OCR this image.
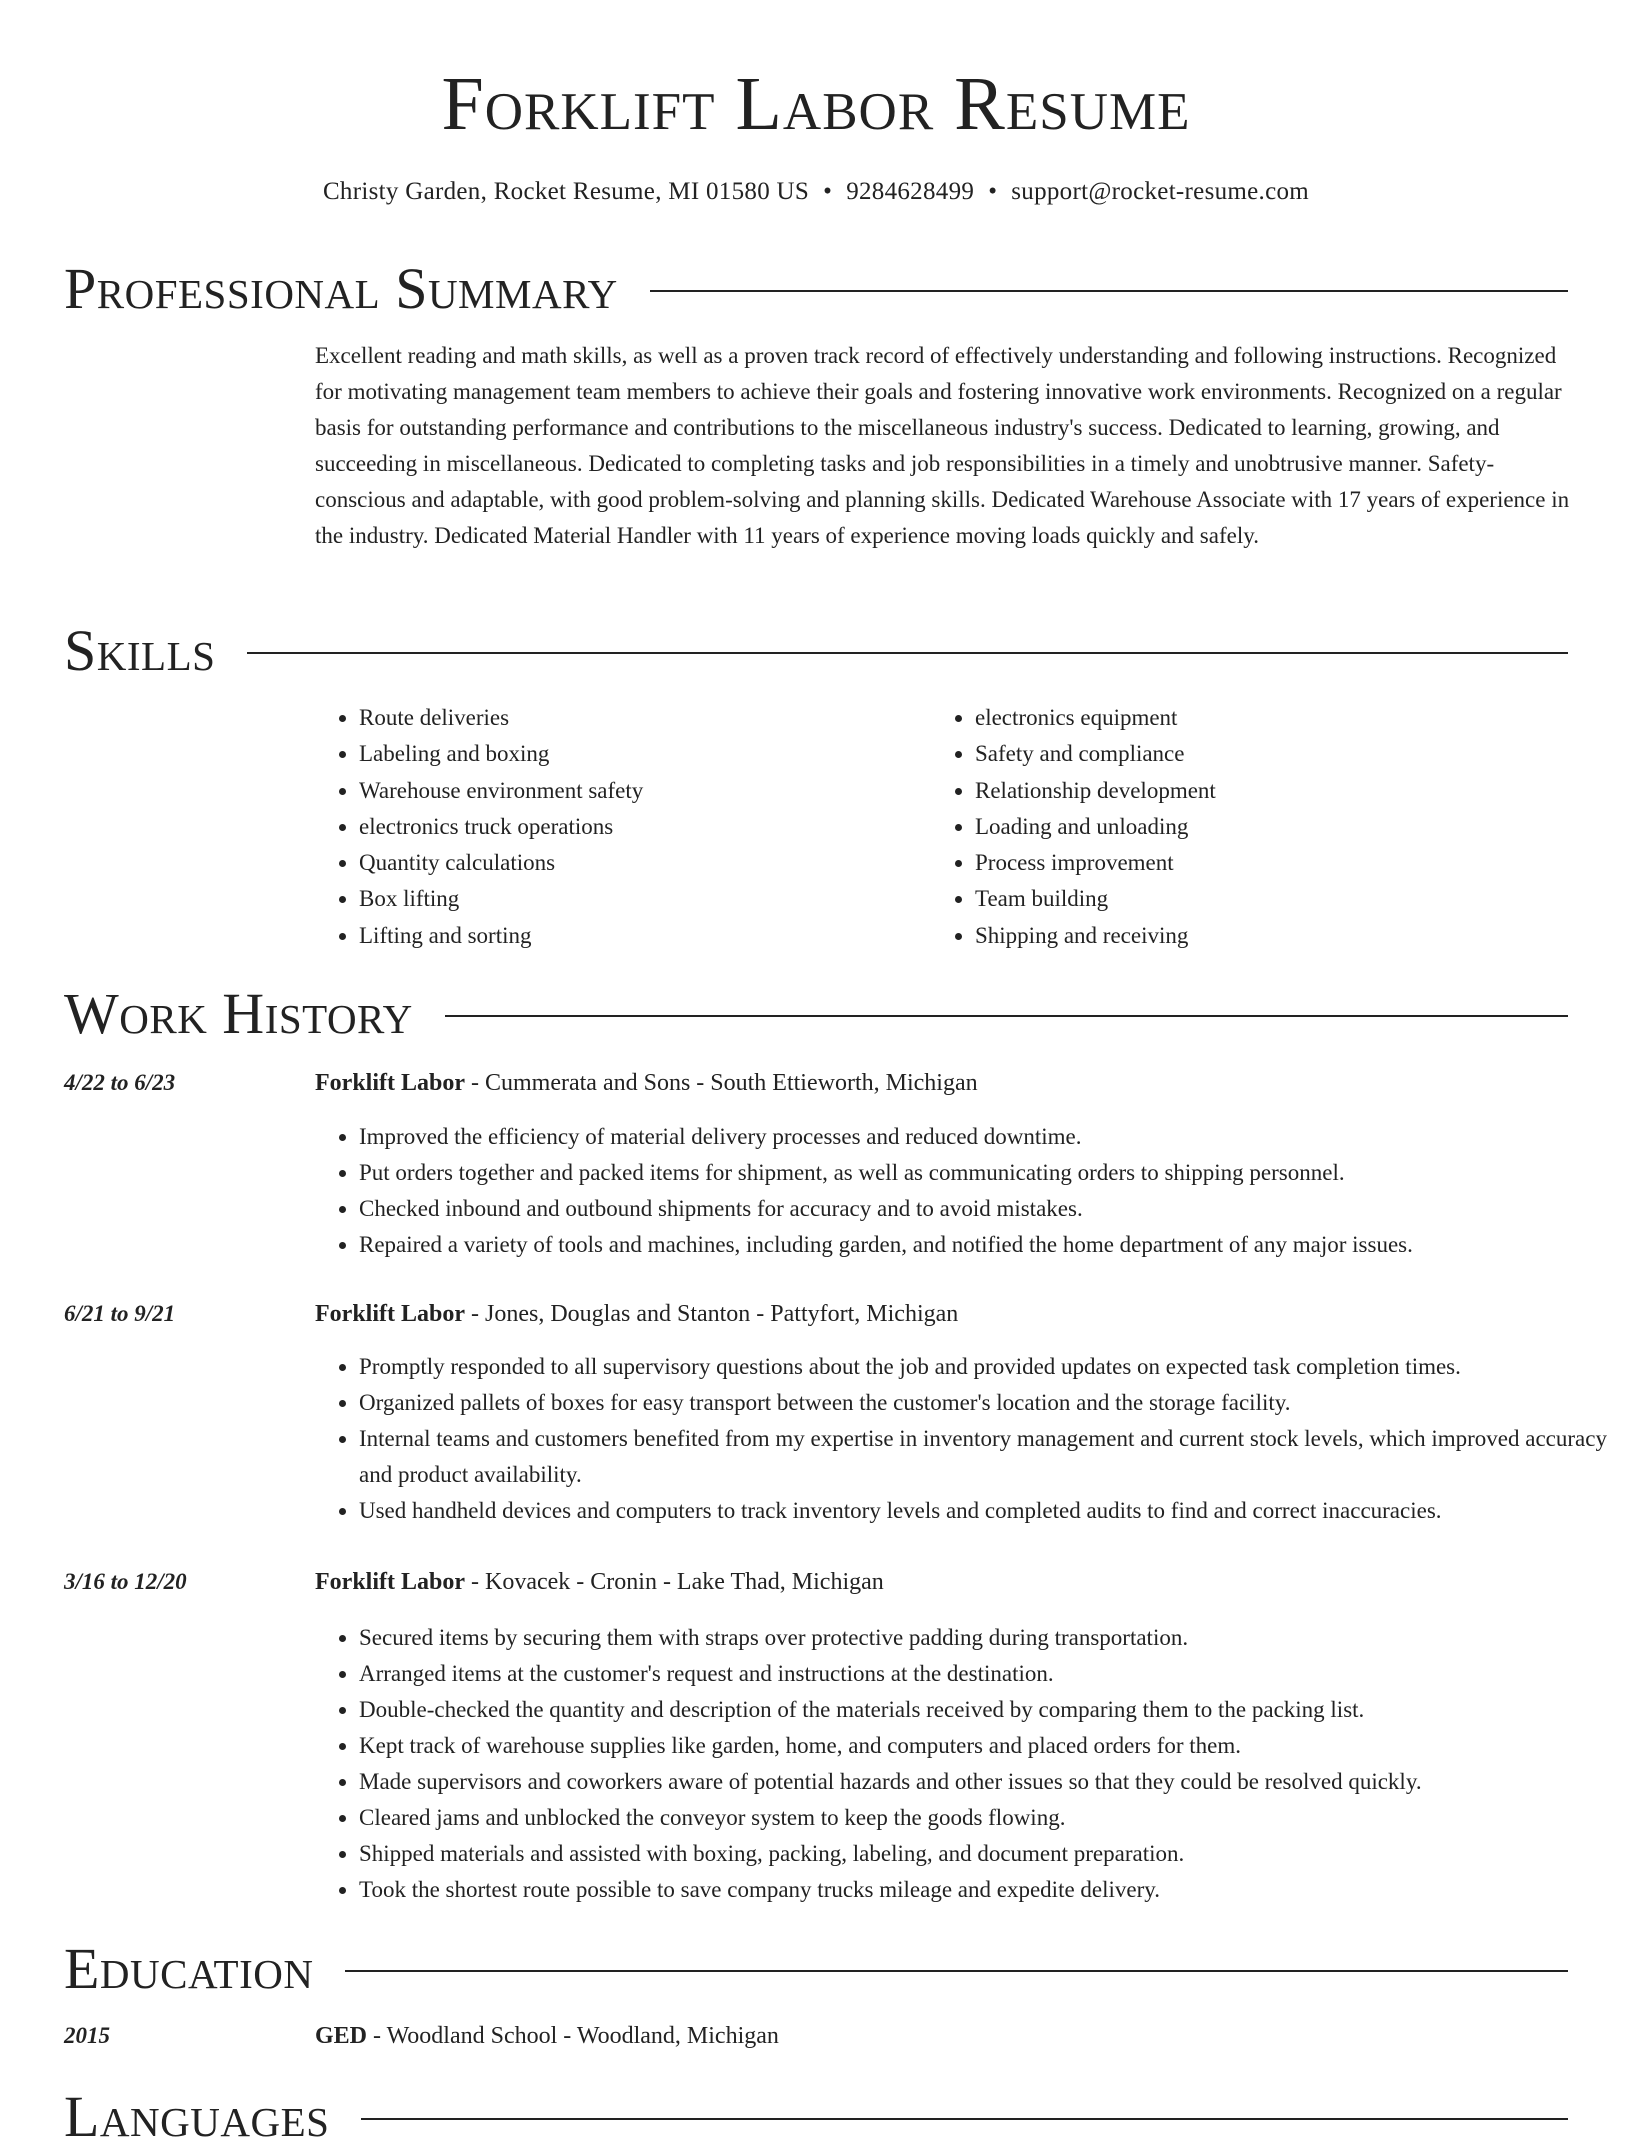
Forklift Labor Resume
Christy Garden, Rocket Resume, MI 01580 US • 9284628499 • support@rocket-resume.com
Professional Summary

Excellent reading and math skills, as well as a proven track record of effectively understanding and following instructions. Recognized for motivating management team members to achieve their goals and fostering innovative work environments. Recognized on a regular basis for outstanding performance and contributions to the miscellaneous industry's success. Dedicated to learning, growing, and succeeding in miscellaneous. Dedicated to completing tasks and job responsibilities in a timely and unobtrusive manner. Safety-conscious and adaptable, with good problem-solving and planning skills. Dedicated Warehouse Associate with 17 years of experience in the industry. Dedicated Material Handler with 11 years of experience moving loads quickly and safely.

Skills
• Route deliveries
• Labeling and boxing
• Warehouse environment safety
• electronics truck operations
• Quantity calculations
• Box lifting
• Lifting and sorting
• electronics equipment
• Safety and compliance
• Relationship development
• Loading and unloading
• Process improvement
• Team building
• Shipping and receiving
Work History
4/22 to 6/23	Forklift Labor - Cummerata and Sons - South Ettieworth, Michigan
• Improved the efficiency of material delivery processes and reduced downtime.
• Put orders together and packed items for shipment, as well as communicating orders to shipping personnel.
• Checked inbound and outbound shipments for accuracy and to avoid mistakes.
• Repaired a variety of tools and machines, including garden, and notified the home department of any major issues.
6/21 to 9/21	Forklift Labor - Jones, Douglas and Stanton - Pattyfort, Michigan
• Promptly responded to all supervisory questions about the job and provided updates on expected task completion times.
• Organized pallets of boxes for easy transport between the customer's location and the storage facility.
• Internal teams and customers benefited from my expertise in inventory management and current stock levels, which improved accuracy and product availability.
• Used handheld devices and computers to track inventory levels and completed audits to find and correct inaccuracies.
3/16 to 12/20	Forklift Labor - Kovacek - Cronin - Lake Thad, Michigan
• Secured items by securing them with straps over protective padding during transportation.
• Arranged items at the customer's request and instructions at the destination.
• Double-checked the quantity and description of the materials received by comparing them to the packing list.
• Kept track of warehouse supplies like garden, home, and computers and placed orders for them.
• Made supervisors and coworkers aware of potential hazards and other issues so that they could be resolved quickly.
• Cleared jams and unblocked the conveyor system to keep the goods flowing.
• Shipped materials and assisted with boxing, packing, labeling, and document preparation.
• Took the shortest route possible to save company trucks mileage and expedite delivery.
Education
2015	GED - Woodland School - Woodland, Michigan
Languages
